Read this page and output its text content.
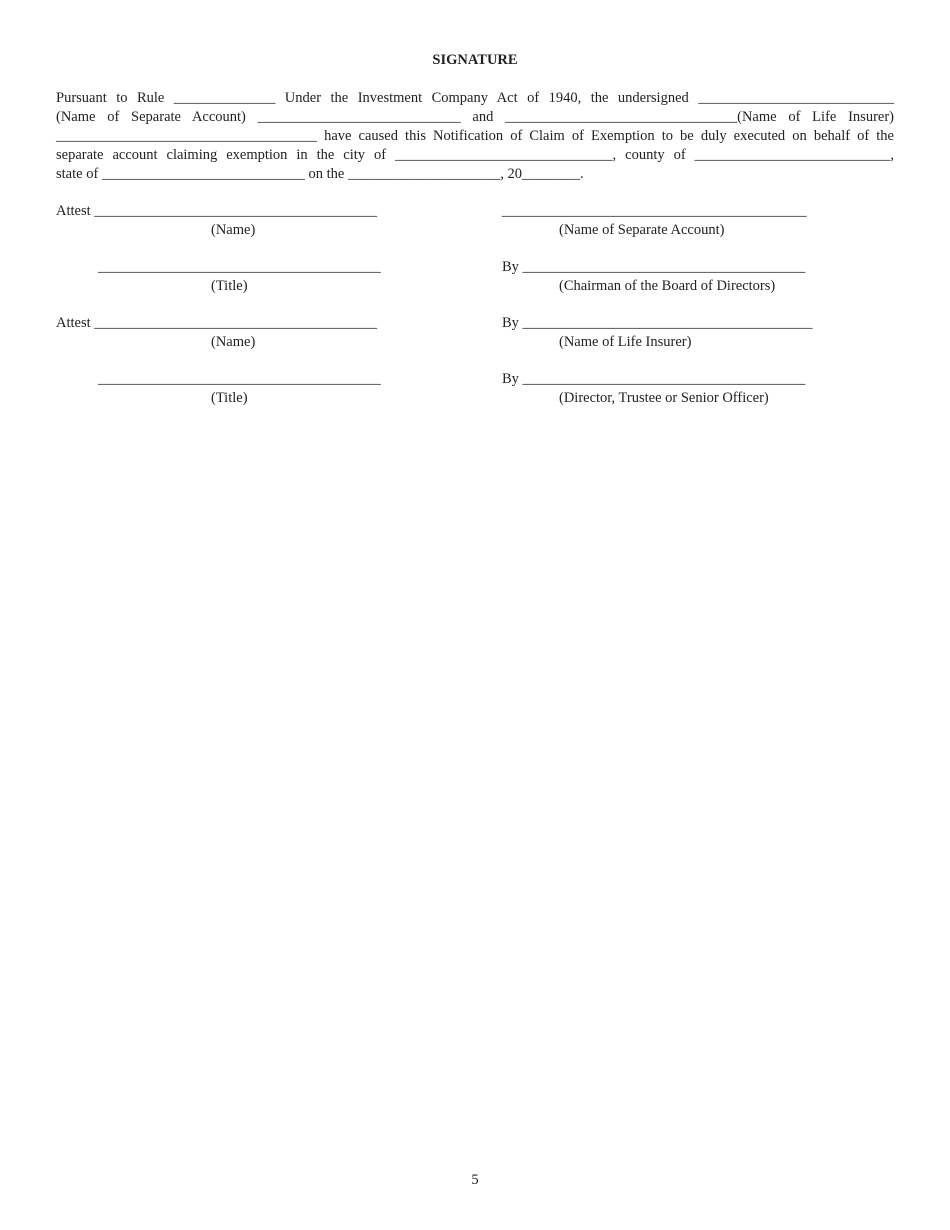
SIGNATURE
Pursuant to Rule ______________ Under the Investment Company Act of 1940, the undersigned ___________________________
(Name of Separate Account) ____________________________ and ________________________________(Name of Life Insurer)
____________________________________ have caused this Notification of Claim of Exemption to be duly executed on behalf of the
separate account claiming exemption in the city of ______________________________, county of ___________________________,
state of ____________________________ on the _____________________, 20________.
Attest _______________________________________
(Name)
_______________________________________
(Title)
Attest _______________________________________
(Name)
_______________________________________
(Title)
__________________________________________
(Name of Separate Account)
By _______________________________________
(Chairman of the Board of Directors)
By ________________________________________
(Name of Life Insurer)
By _______________________________________
(Director, Trustee or Senior Officer)
5
